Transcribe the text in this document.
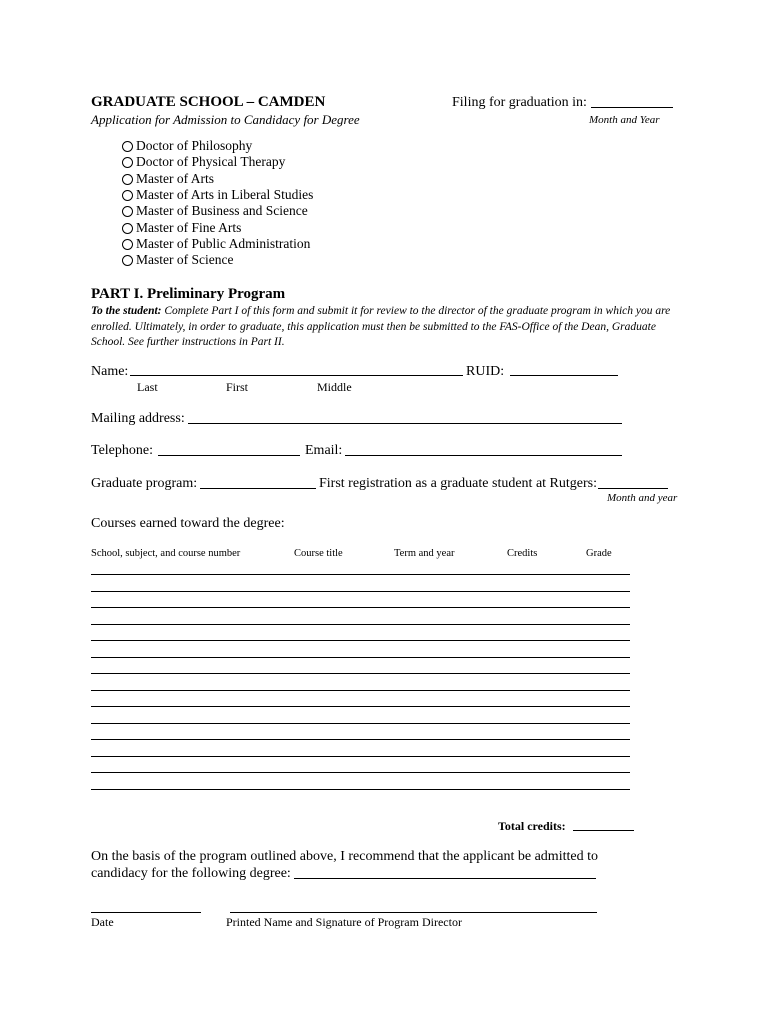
GRADUATE SCHOOL – CAMDEN
Application for Admission to Candidacy for Degree
Filing for graduation in:
Month and Year
Doctor of Philosophy
Doctor of Physical Therapy
Master of Arts
Master of Arts in Liberal Studies
Master of Business and Science
Master of Fine Arts
Master of Public Administration
Master of Science
PART I. Preliminary Program
To the student: Complete Part I of this form and submit it for review to the director of the graduate program in which you are enrolled. Ultimately, in order to graduate, this application must then be submitted to the FAS-Office of the Dean, Graduate School. See further instructions in Part II.
Name:	RUID:
Last	First	Middle
Mailing address:
Telephone:	Email:
Graduate program:	First registration as a graduate student at Rutgers:
Month and year
Courses earned toward the degree:
School, subject, and course number	Course title	Term and year	Credits	Grade
Total credits:
On the basis of the program outlined above, I recommend that the applicant be admitted to
candidacy for the following degree:
Date	Printed Name and Signature of Program Director
